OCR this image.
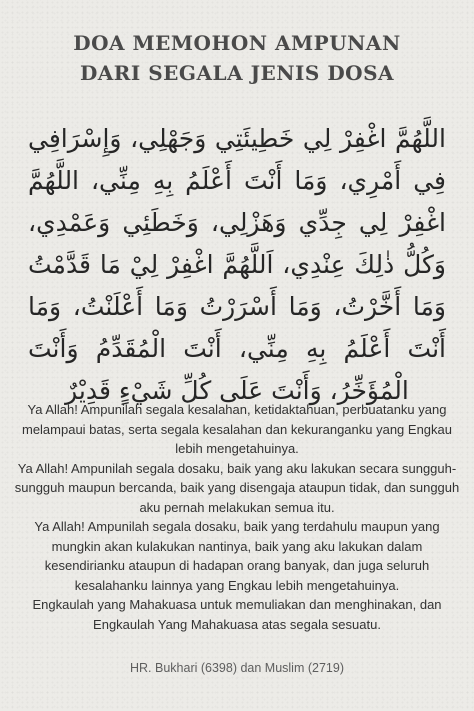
DOA MEMOHON AMPUNAN
DARI SEGALA JENIS DOSA
اللَّهُمَّ اغْفِرْ لِي خَطِيئَتِي وَجَهْلِي، وَإِسْرَافِي فِي أَمْرِي، وَمَا أَنْتَ أَعْلَمُ بِهِ مِنِّي، اللَّهُمَّ اغْفِرْ لِي جِدِّي وَهَزْلِي، وَخَطَئِي وَعَمْدِي، وَكُلُّ ذٰلِكَ عِنْدِي، اَللَّهُمَّ اغْفِرْ لِيْ مَا قَدَّمْتُ وَمَا أَخَّرْتُ، وَمَا أَسْرَرْتُ وَمَا أَعْلَنْتُ، وَمَا أَنْتَ أَعْلَمُ بِهِ مِنِّي، أَنْتَ الْمُقَدِّمُ وَأَنْتَ الْمُؤَخِّرُ، وَأَنْتَ عَلَى كُلِّ شَيْءٍ قَدِيْرٌ

Ya Allah! Ampunilah segala kesalahan, ketidaktahuan, perbuatanku yang melampaui batas, serta segala kesalahan dan kekuranganku yang Engkau lebih mengetahuinya.

Ya Allah! Ampunilah segala dosaku, baik yang aku lakukan secara sungguh-sungguh maupun bercanda, baik yang disengaja ataupun tidak, dan sungguh aku pernah melakukan semua itu.

Ya Allah! Ampunilah segala dosaku, baik yang terdahulu maupun yang mungkin akan kulakukan nantinya, baik yang aku lakukan dalam kesendirianku ataupun di hadapan orang banyak, dan juga seluruh kesalahanku lainnya yang Engkau lebih mengetahuinya.

Engkaulah yang Mahakuasa untuk memuliakan dan menghinakan, dan Engkaulah Yang Mahakuasa atas segala sesuatu.

HR. Bukhari (6398) dan Muslim (2719)
